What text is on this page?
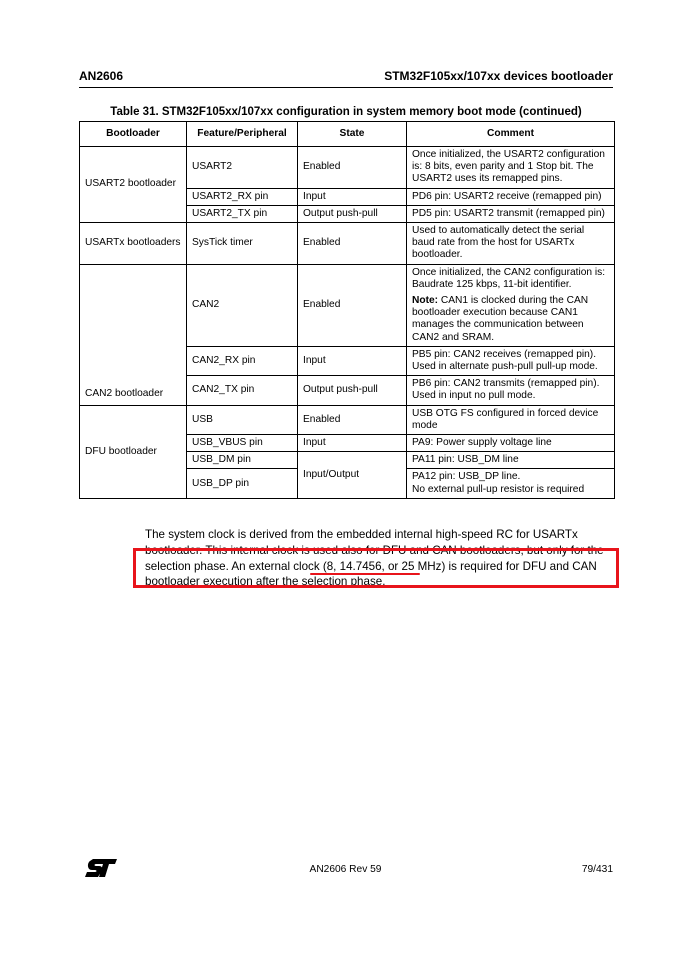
AN2606	STM32F105xx/107xx devices bootloader
Table 31. STM32F105xx/107xx configuration in system memory boot mode (continued)
Bootloader	Feature/Peripheral	State	Comment
USART2 bootloader	USART2	Enabled	Once initialized, the USART2 configuration is: 8 bits, even parity and 1 Stop bit. The USART2 uses its remapped pins.
	USART2_RX pin	Input	PD6 pin: USART2 receive (remapped pin)
	USART2_TX pin	Output push-pull	PD5 pin: USART2 transmit (remapped pin)
USARTx bootloaders	SysTick timer	Enabled	Used to automatically detect the serial baud rate from the host for USARTx bootloader.
CAN2 bootloader	CAN2	Enabled	Once initialized, the CAN2 configuration is: Baudrate 125 kbps, 11-bit identifier.
Note: CAN1 is clocked during the CAN bootloader execution because CAN1 manages the communication between CAN2 and SRAM.

	CAN2_RX pin	Input	PB5 pin: CAN2 receives (remapped pin). Used in alternate push-pull pull-up mode.
	CAN2_TX pin	Output push-pull	PB6 pin: CAN2 transmits (remapped pin). Used in input no pull mode.
DFU bootloader	USB	Enabled	USB OTG FS configured in forced device mode
	USB_VBUS pin	Input	PA9: Power supply voltage line
	USB_DM pin	Input/Output	PA11 pin: USB_DM line
	USB_DP pin		PA12 pin: USB_DP line.
No external pull-up resistor is required
The system clock is derived from the embedded internal high-speed RC for USARTx bootloader. This internal clock is used also for DFU and CAN bootloaders, but only for the selection phase. An external clock (8, 14.7456, or 25 MHz) is required for DFU and CAN bootloader execution after the selection phase.
AN2606 Rev 59	79/431
